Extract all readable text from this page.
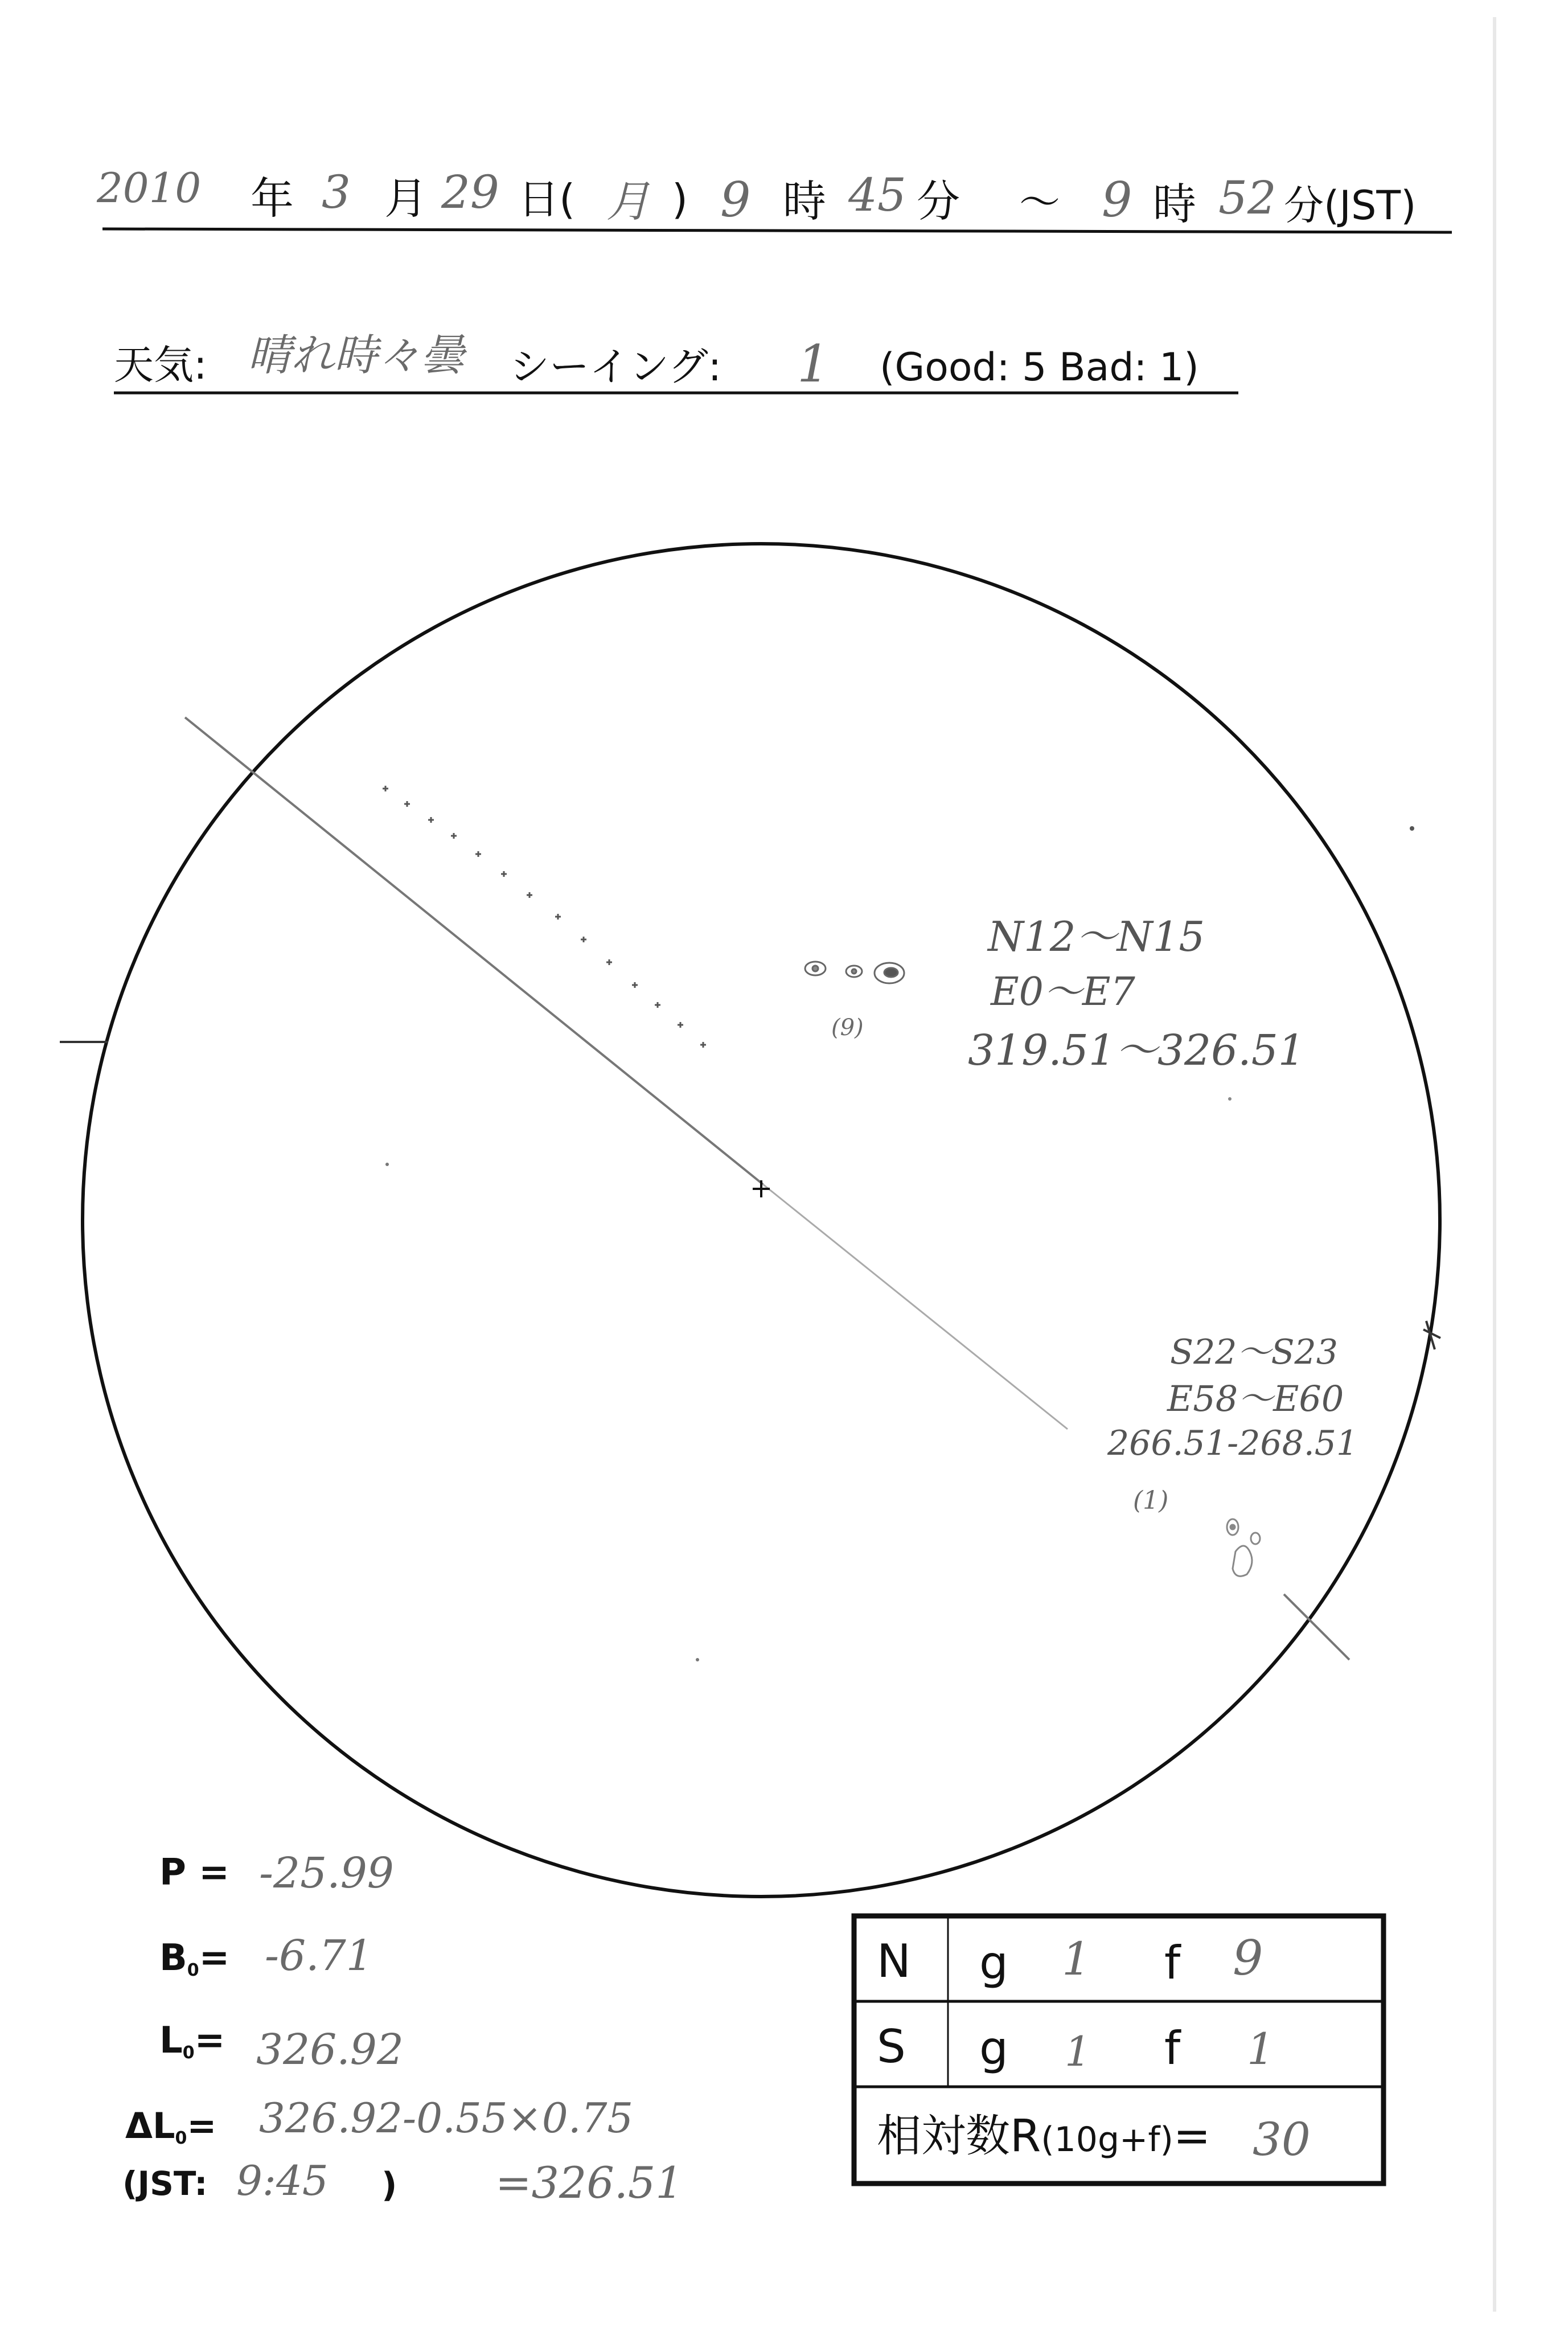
2010 年 3 月 29 日( 月 ) 9 時 45 分 ～ 9 時 52 分(JST)
天気: 晴れ時々曇 シーイング: 1 (Good: 5 Bad: 1)
(9)
(1)
N12～N15
E0～E7
319.51～326.51
S22～S23
E58～E60
266.51-268.51
P = -25.99
B0= -6.71
L0= 326.92
ΔL0= 326.92-0.55×0.75
(JST: 9:45 ) =326.51
N g 1 f 9
S g 1 f 1
相対数R(10g+f)= 30
